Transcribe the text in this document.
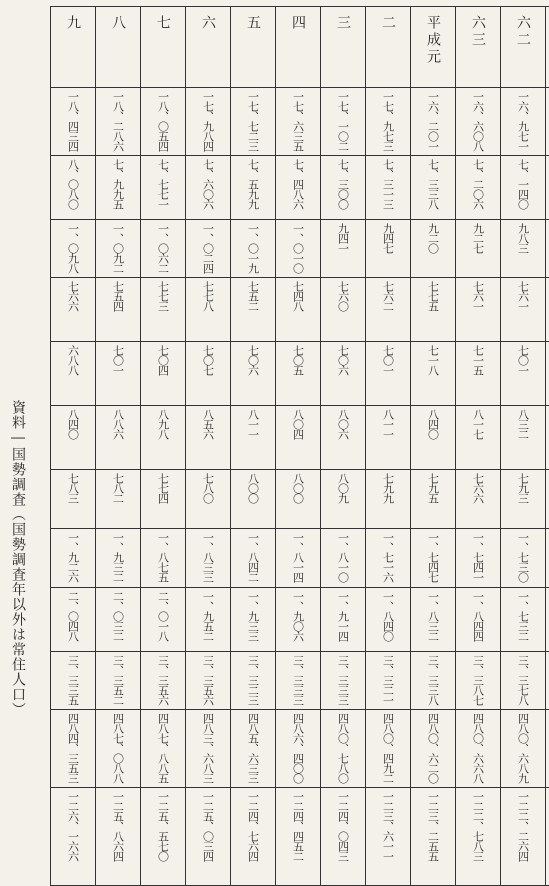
九	八	七	六	五	四	三	二	平成元	六三	六二			
一八、四三四	一八、二八六	一八、〇五四	一七、九八四	一七、七二三	一七、六三五	一七、一〇二	一七、九七三	一六、二〇一	一六、六〇八	一六、九七一			
八、〇八〇	七、九九五	七、七七一	七、六〇六	七、五九九	七、四八六	七、三〇〇	七、三一三	七、三三八	七、二〇六	七、一四〇			
一、〇九八	一、〇九二	一、〇六二	一、〇二四	一、〇一九	一、〇一〇	九四一	九四七	九二〇	九二七	九八三			
七六六	七五四	七七三	七七八	七五二	七四八	七六〇	七六二	七七五	七六一	七六一			
六八八	七〇一	七〇四	七〇七	七〇六	七〇五	七〇六	七〇一	七一八	七一五	七〇一			
八四〇	八八六	八九八	八五六	八一一	八〇四	八〇六	八一一	八四〇	八一七	八三二			
七八三	七八二	七七四	七八〇	八〇〇	八〇〇	八〇九	七九九	七九五	七六六	七九三			
一、九二六	一、九三二	一、八七五	一、八三三	一、八四二	一、八一四	一、八一〇	一、七一六	一、七四七	一、七四一	一、七三〇			
二、〇四八	二、〇三二	二、〇一八	一、九五二	一、九三三	一、九〇六	一、九一四	一、八四〇	一、八三二	一、八四四	一、七三二			
三、三三五	三、三五二	三、三五六	三、三五六	三、三二三	三、三三三	三、三三三	三、三二一	三、三三八	三、三八七	三、三七八			
四八四、三五三	四八七、〇八八	四八七、八八五	四八三、六八三	四八五、六三三	四八六、四〇〇	四八〇、七八〇	四八〇、四九二	四八〇、六二〇	四八〇、六六八	四八〇、六八九			
一二六、一六六	一二五、八六四	一二五、五七〇	一二五、〇三四	一二四、七六四	一二四、四五二	一二四、〇四三	一二三、六一一	一二三、二五五	一二二、七八三	一二二、二六四			
資料―国勢調査（国勢調査年以外は常住人口）
